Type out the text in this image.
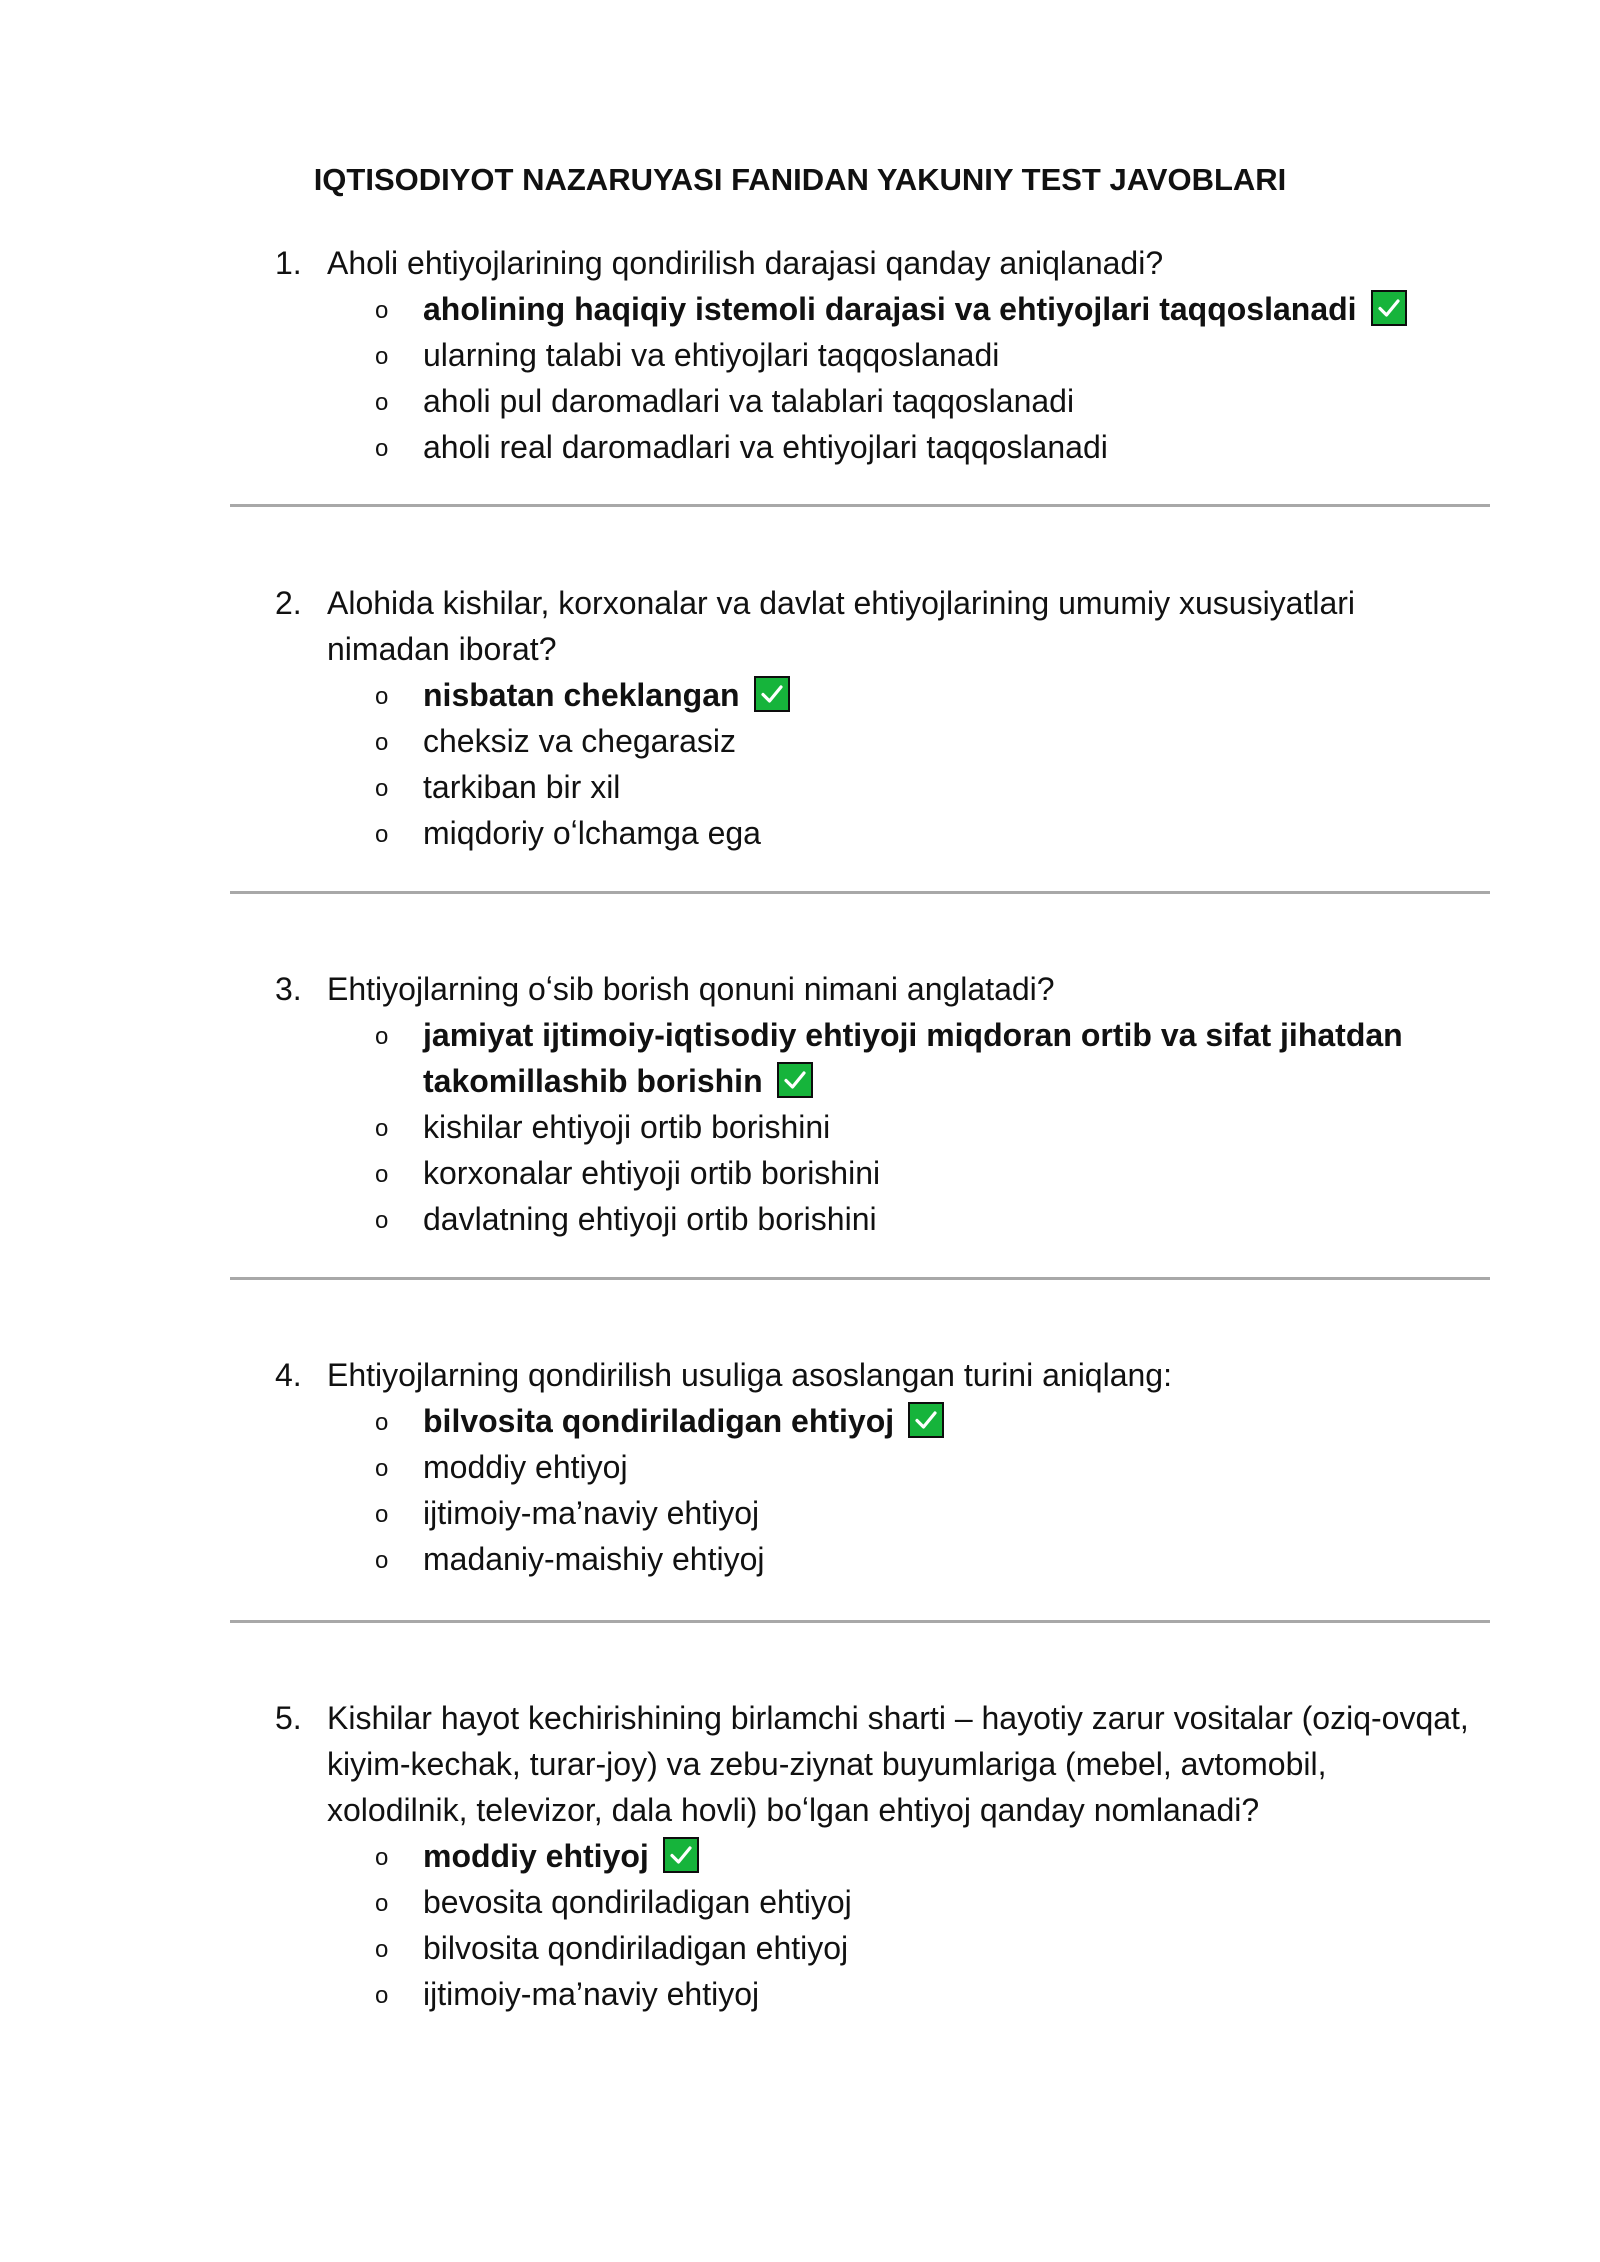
IQTISODIYOT NAZARUYASI FANIDAN YAKUNIY TEST JAVOBLARI
1. Aholi ehtiyojlarining qondirilish darajasi qanday aniqlanadi?
o aholining haqiqiy istemoli darajasi va ehtiyojlari taqqoslanadi
o ularning talabi va ehtiyojlari taqqoslanadi
o aholi pul daromadlari va talablari taqqoslanadi
o aholi real daromadlari va ehtiyojlari taqqoslanadi
2. Alohida kishilar, korxonalar va davlat ehtiyojlarining umumiy xususiyatlari nimadan iborat?
o nisbatan cheklangan
o cheksiz va chegarasiz
o tarkiban bir xil
o miqdoriy oʻlchamga ega
3. Ehtiyojlarning oʻsib borish qonuni nimani anglatadi?
o jamiyat ijtimoiy-iqtisodiy ehtiyoji miqdoran ortib va sifat jihatdan takomillashib borishin
o kishilar ehtiyoji ortib borishini
o korxonalar ehtiyoji ortib borishini
o davlatning ehtiyoji ortib borishini
4. Ehtiyojlarning qondirilish usuliga asoslangan turini aniqlang:
o bilvosita qondiriladigan ehtiyoj
o moddiy ehtiyoj
o ijtimoiy-ma’naviy ehtiyoj
o madaniy-maishiy ehtiyoj
5. Kishilar hayot kechirishining birlamchi sharti – hayotiy zarur vositalar (oziq-ovqat, kiyim-kechak, turar-joy) va zebu-ziynat buyumlariga (mebel, avtomobil, xolodilnik, televizor, dala hovli) boʻlgan ehtiyoj qanday nomlanadi?
o moddiy ehtiyoj
o bevosita qondiriladigan ehtiyoj
o bilvosita qondiriladigan ehtiyoj
o ijtimoiy-ma’naviy ehtiyoj
